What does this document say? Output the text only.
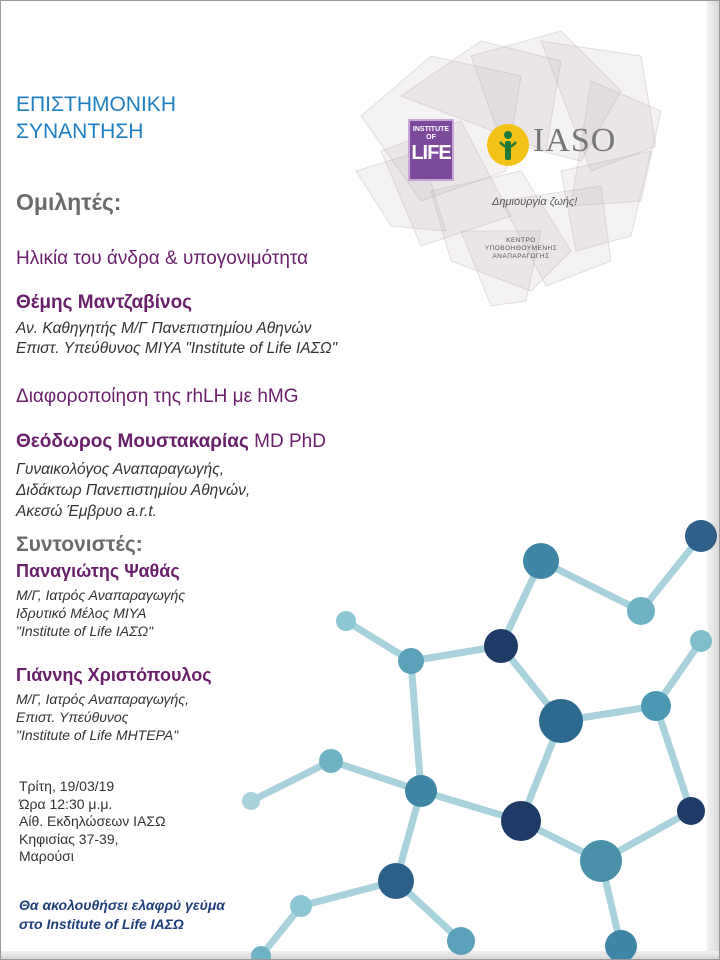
INSTITUTE OF
LIFE IASO
Δημιουργία ζωής!
ΚΕΝΤΡΟ
ΥΠΟΒΟΗΘΟΥΜΕΝΗΣ
ΑΝΑΠΑΡΑΓΩΓΗΣ
ΕΠΙΣΤΗΜΟΝΙΚΗ
ΣΥΝΑΝΤΗΣΗ
Ομιλητές:
Ηλικία του άνδρα & υπογονιμότητα
Θέμης Μαντζαβίνος
Αν. Καθηγητής Μ/Γ Πανεπιστημίου Αθηνών
Επιστ. Υπεύθυνος ΜΙΥΑ "Institute of Life ΙΑΣΩ"
Διαφοροποίηση της rhLH με hMG
Θεόδωρος Μουστακαρίας MD PhD
Γυναικολόγος Αναπαραγωγής,
Διδάκτωρ Πανεπιστημίου Αθηνών,
Ακεσώ Έμβρυο a.r.t.
Συντονιστές:
Παναγιώτης Ψαθάς
Μ/Γ, Ιατρός Αναπαραγωγής
Ιδρυτικό Μέλος ΜΙΥΑ
"Institute of Life ΙΑΣΩ"
Γιάννης Χριστόπουλος
Μ/Γ, Ιατρός Αναπαραγωγής,
Επιστ. Υπεύθυνος
"Institute of Life ΜΗΤΕΡΑ"
Τρίτη, 19/03/19
Ώρα 12:30 μ.μ.
Αίθ. Εκδηλώσεων ΙΑΣΩ
Κηφισίας 37-39,
Μαρούσι
Θα ακολουθήσει ελαφρύ γεύμα
στο Institute of Life ΙΑΣΩ
